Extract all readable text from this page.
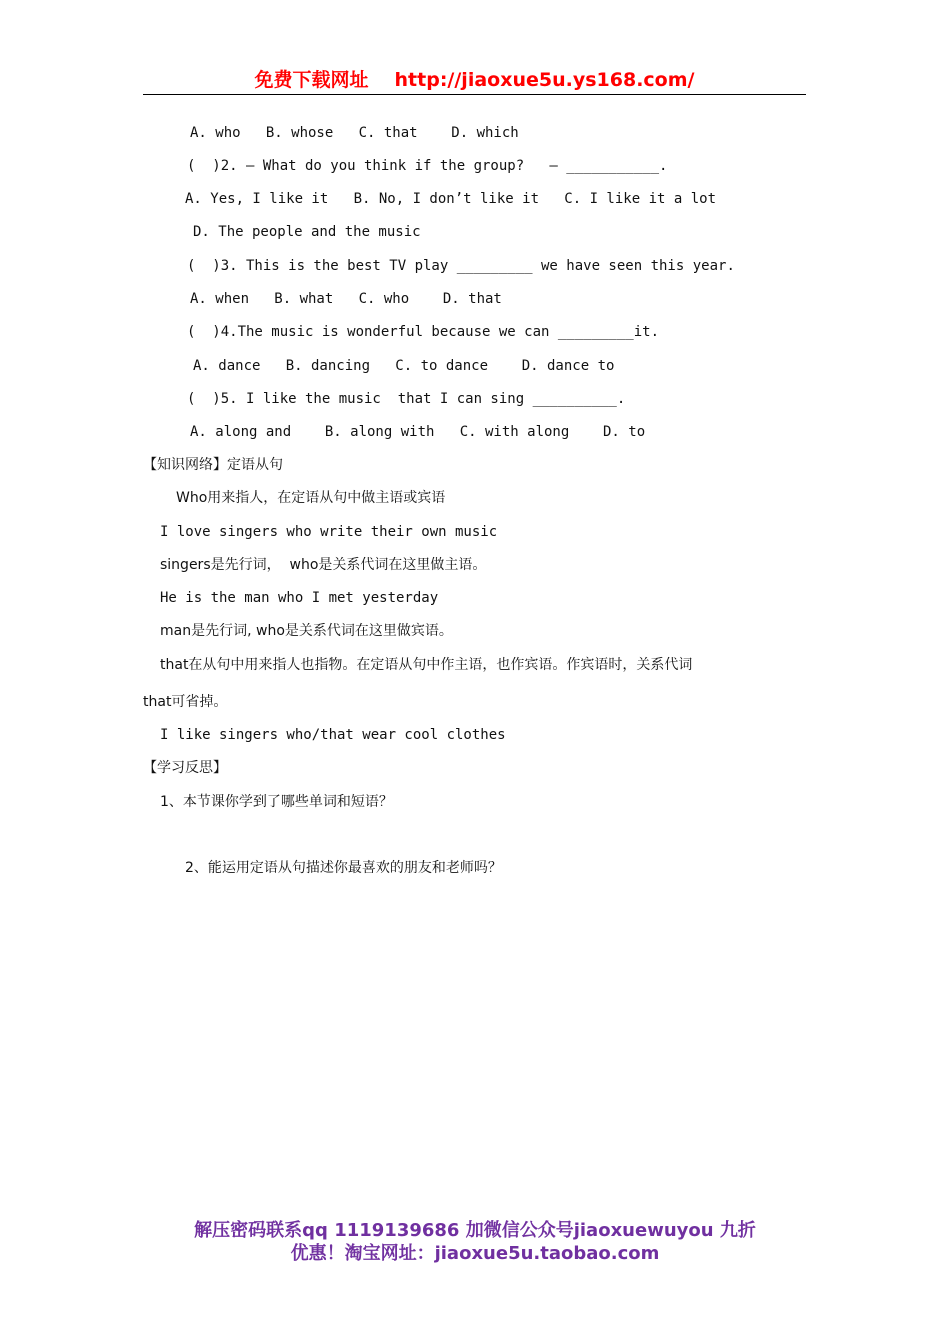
免费下载网址 http://jiaoxue5u.ys168.com/
A. who   B. whose   C. that    D. which
(  )2. — What do you think if the group?   — ___________.
A. Yes, I like it   B. No, I don’t like it   C. I like it a lot
D. The people and the music
(  )3. This is the best TV play _________ we have seen this year.
A. when   B. what   C. who    D. that
(  )4.The music is wonderful because we can _________it.
A. dance   B. dancing   C. to dance    D. dance to
(  )5. I like the music  that I can sing __________.
A. along and    B. along with   C. with along    D. to
【知识网络】定语从句
Who用来指人，在定语从句中做主语或宾语
I love singers who write their own music
singers是先行词，  who是关系代词在这里做主语。
He is the man who I met yesterday
man是先行词, who是关系代词在这里做宾语。
that在从句中用来指人也指物。在定语从句中作主语，也作宾语。作宾语时，关系代词
that可省掉。
I like singers who/that wear cool clothes
【学习反思】
1、本节课你学到了哪些单词和短语？
2、能运用定语从句描述你最喜欢的朋友和老师吗？
解压密码联系qq 1119139686 加微信公众号jiaoxuewuyou 九折
优惠！淘宝网址：jiaoxue5u.taobao.com
